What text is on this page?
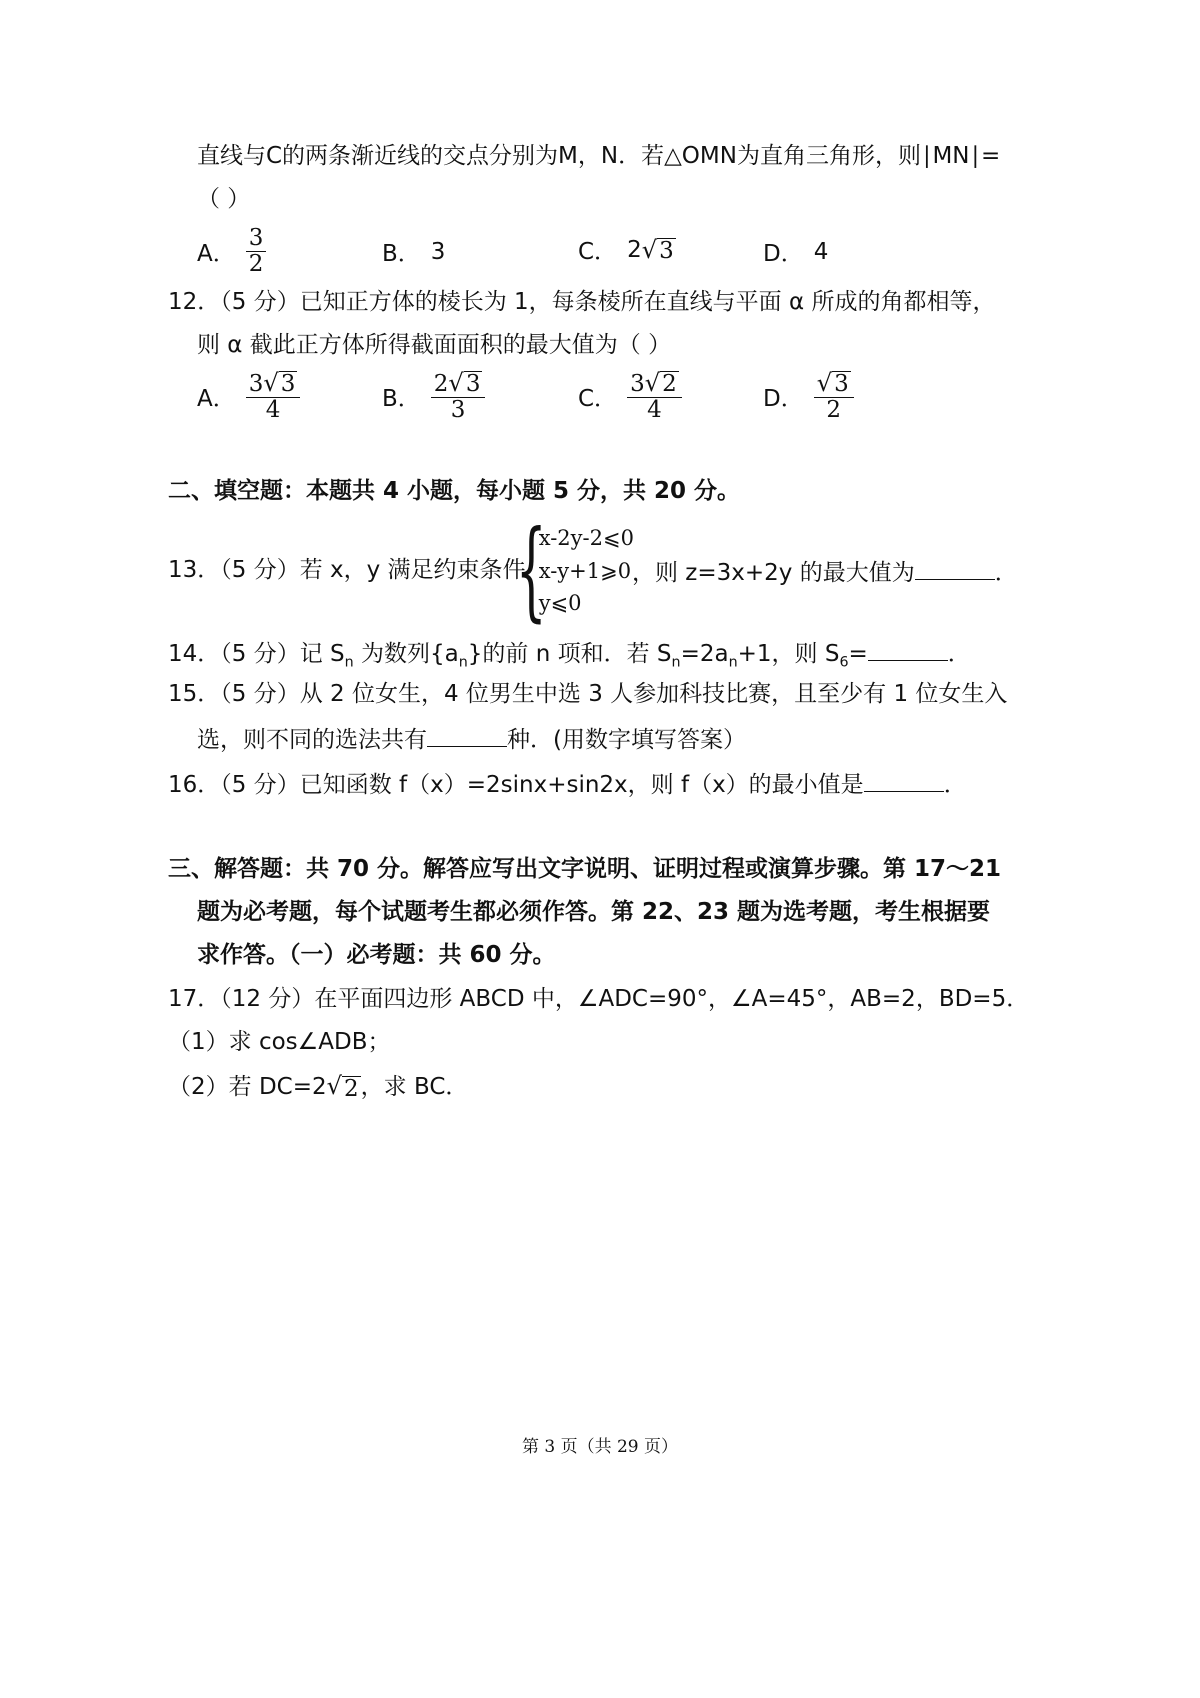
直线与C的两条渐近线的交点分别为M，N．若△OMN为直角三角形，则∣MN∣=
（ ）
A． $\frac{3}{2}$	B． 3	C． 2 √ 3	D． 4
12．（5 分）已知正方体的棱长为 1，每条棱所在直线与平面 α 所成的角都相等，
则 α 截此正方体所得截面面积的最大值为（ ）
A． $\frac{3 √ 3}{4}$	B． $\frac{2 √ 3}{3}$	C． $\frac{3 √ 2}{4}$	D． $\frac{√ 3}{2}$
二、填空题：本题共 4 小题，每小题 5 分，共 20 分。
13．（5 分）若 x，y 满足约束条件
{
x-2y-2⩽0
x-y+1⩾0
y⩽0
，则 z=3x+2y 的最大值为	．
14．（5 分）记 $S_n$ 为数列$\{a_n\}$的前 n 项和．若 $S_n=2a_n+1$，则 $S_6=$	．
15．（5 分）从 2 位女生，4 位男生中选 3 人参加科技比赛，且至少有 1 位女生入
选，则不同的选法共有	种．(用数字填写答案）
16．（5 分）已知函数 f（x）=2sinx+sin2x，则 f（x）的最小值是	．
三、解答题：共 70 分。解答应写出文字说明、证明过程或演算步骤。第 17～21
题为必考题，每个试题考生都必须作答。第 22、23 题为选考题，考生根据要
求作答。（一）必考题：共 60 分。
17．（12 分）在平面四边形 ABCD 中，∠ADC=90°，∠A=45°，AB=2，BD=5．
（1）求 cos∠ADB；
（2）若 DC=2 √ 2 ，求 BC．
第 3 页（共 29 页）
